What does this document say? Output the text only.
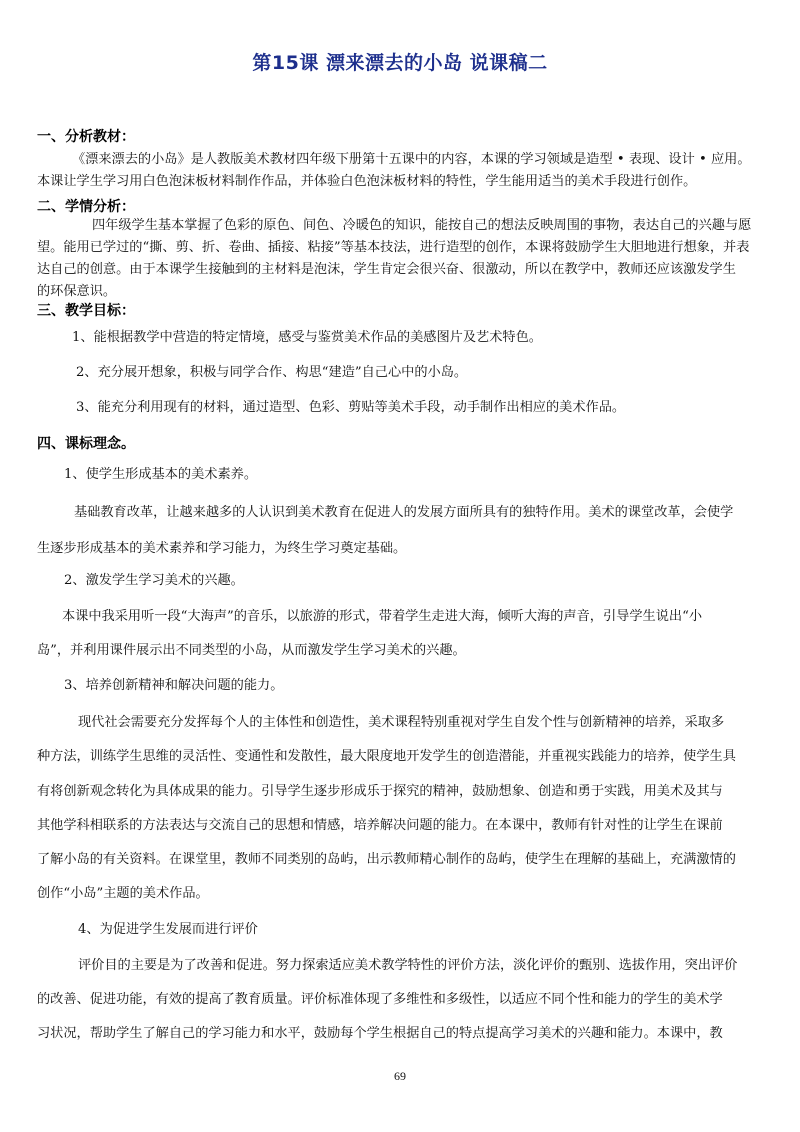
第15课 漂来漂去的小岛 说课稿二
一、分析教材：
《漂来漂去的小岛》是人教版美术教材四年级下册第十五课中的内容，本课的学习领域是造型 • 表现、设计 • 应用。
本课让学生学习用白色泡沫板材料制作作品，并体验白色泡沫板材料的特性，学生能用适当的美术手段进行创作。
二、学情分析：
四年级学生基本掌握了色彩的原色、间色、冷暖色的知识，能按自己的想法反映周围的事物，表达自己的兴趣与愿
望。能用已学过的“撕、剪、折、卷曲、插接、粘接”等基本技法，进行造型的创作，本课将鼓励学生大胆地进行想象，并表
达自己的创意。由于本课学生接触到的主材料是泡沫，学生肯定会很兴奋、很激动，所以在教学中，教师还应该激发学生
的环保意识。
三、教学目标：
1、能根据教学中营造的特定情境，感受与鉴赏美术作品的美感图片及艺术特色。
2、充分展开想象，积极与同学合作、构思“建造”自己心中的小岛。
3、能充分利用现有的材料，通过造型、色彩、剪贴等美术手段，动手制作出相应的美术作品。
四、课标理念。
1、使学生形成基本的美术素养。
基础教育改革，让越来越多的人认识到美术教育在促进人的发展方面所具有的独特作用。美术的课堂改革，会使学
生逐步形成基本的美术素养和学习能力，为终生学习奠定基础。
2、激发学生学习美术的兴趣。
本课中我采用听一段“大海声”的音乐，以旅游的形式，带着学生走进大海，倾听大海的声音，引导学生说出“小
岛”，并利用课件展示出不同类型的小岛，从而激发学生学习美术的兴趣。
3、培养创新精神和解决问题的能力。
现代社会需要充分发挥每个人的主体性和创造性，美术课程特别重视对学生自发个性与创新精神的培养，采取多
种方法，训练学生思维的灵活性、变通性和发散性，最大限度地开发学生的创造潜能，并重视实践能力的培养，使学生具
有将创新观念转化为具体成果的能力。引导学生逐步形成乐于探究的精神，鼓励想象、创造和勇于实践，用美术及其与
其他学科相联系的方法表达与交流自己的思想和情感，培养解决问题的能力。在本课中，教师有针对性的让学生在课前
了解小岛的有关资料。在课堂里，教师不同类别的岛屿，出示教师精心制作的岛屿，使学生在理解的基础上，充满激情的
创作“小岛”主题的美术作品。
4、为促进学生发展而进行评价
评价目的主要是为了改善和促进。努力探索适应美术教学特性的评价方法，淡化评价的甄别、选拔作用，突出评价
的改善、促进功能，有效的提高了教育质量。评价标准体现了多维性和多级性，以适应不同个性和能力的学生的美术学
习状况，帮助学生了解自己的学习能力和水平，鼓励每个学生根据自己的特点提高学习美术的兴趣和能力。本课中，教
69
